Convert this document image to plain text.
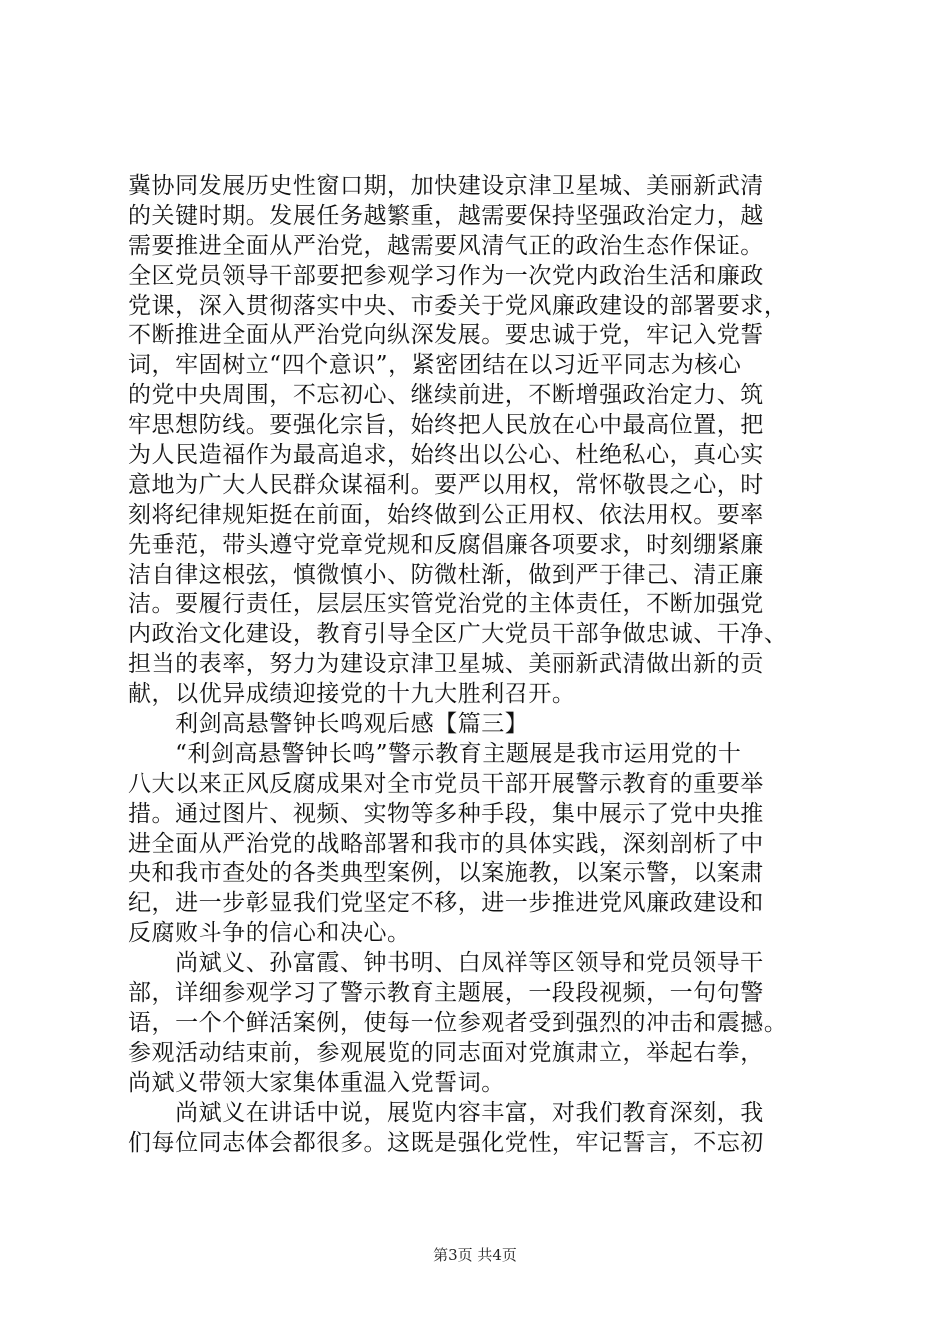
冀协同发展历史性窗口期，加快建设京津卫星城、美丽新武清
的关键时期。发展任务越繁重，越需要保持坚强政治定力，越
需要推进全面从严治党，越需要风清气正的政治生态作保证。
全区党员领导干部要把参观学习作为一次党内政治生活和廉政
党课，深入贯彻落实中央、市委关于党风廉政建设的部署要求，
不断推进全面从严治党向纵深发展。要忠诚于党，牢记入党誓
词，牢固树立“四个意识”，紧密团结在以习近平同志为核心
的党中央周围，不忘初心、继续前进，不断增强政治定力、筑
牢思想防线。要强化宗旨，始终把人民放在心中最高位置，把
为人民造福作为最高追求，始终出以公心、杜绝私心，真心实
意地为广大人民群众谋福利。要严以用权，常怀敬畏之心，时
刻将纪律规矩挺在前面，始终做到公正用权、依法用权。要率
先垂范，带头遵守党章党规和反腐倡廉各项要求，时刻绷紧廉
洁自律这根弦，慎微慎小、防微杜渐，做到严于律己、清正廉
洁。要履行责任，层层压实管党治党的主体责任，不断加强党
内政治文化建设，教育引导全区广大党员干部争做忠诚、干净、
担当的表率，努力为建设京津卫星城、美丽新武清做出新的贡
献，以优异成绩迎接党的十九大胜利召开。
　　利剑高悬警钟长鸣观后感【篇三】
　　“利剑高悬警钟长鸣”警示教育主题展是我市运用党的十
八大以来正风反腐成果对全市党员干部开展警示教育的重要举
措。通过图片、视频、实物等多种手段，集中展示了党中央推
进全面从严治党的战略部署和我市的具体实践，深刻剖析了中
央和我市查处的各类典型案例，以案施教，以案示警，以案肃
纪，进一步彰显我们党坚定不移，进一步推进党风廉政建设和
反腐败斗争的信心和决心。
　　尚斌义、孙富霞、钟书明、白凤祥等区领导和党员领导干
部，详细参观学习了警示教育主题展，一段段视频，一句句警
语，一个个鲜活案例，使每一位参观者受到强烈的冲击和震撼。
参观活动结束前，参观展览的同志面对党旗肃立，举起右拳，
尚斌义带领大家集体重温入党誓词。
　　尚斌义在讲话中说，展览内容丰富，对我们教育深刻，我
们每位同志体会都很多。这既是强化党性，牢记誓言，不忘初
第3页 共4页
